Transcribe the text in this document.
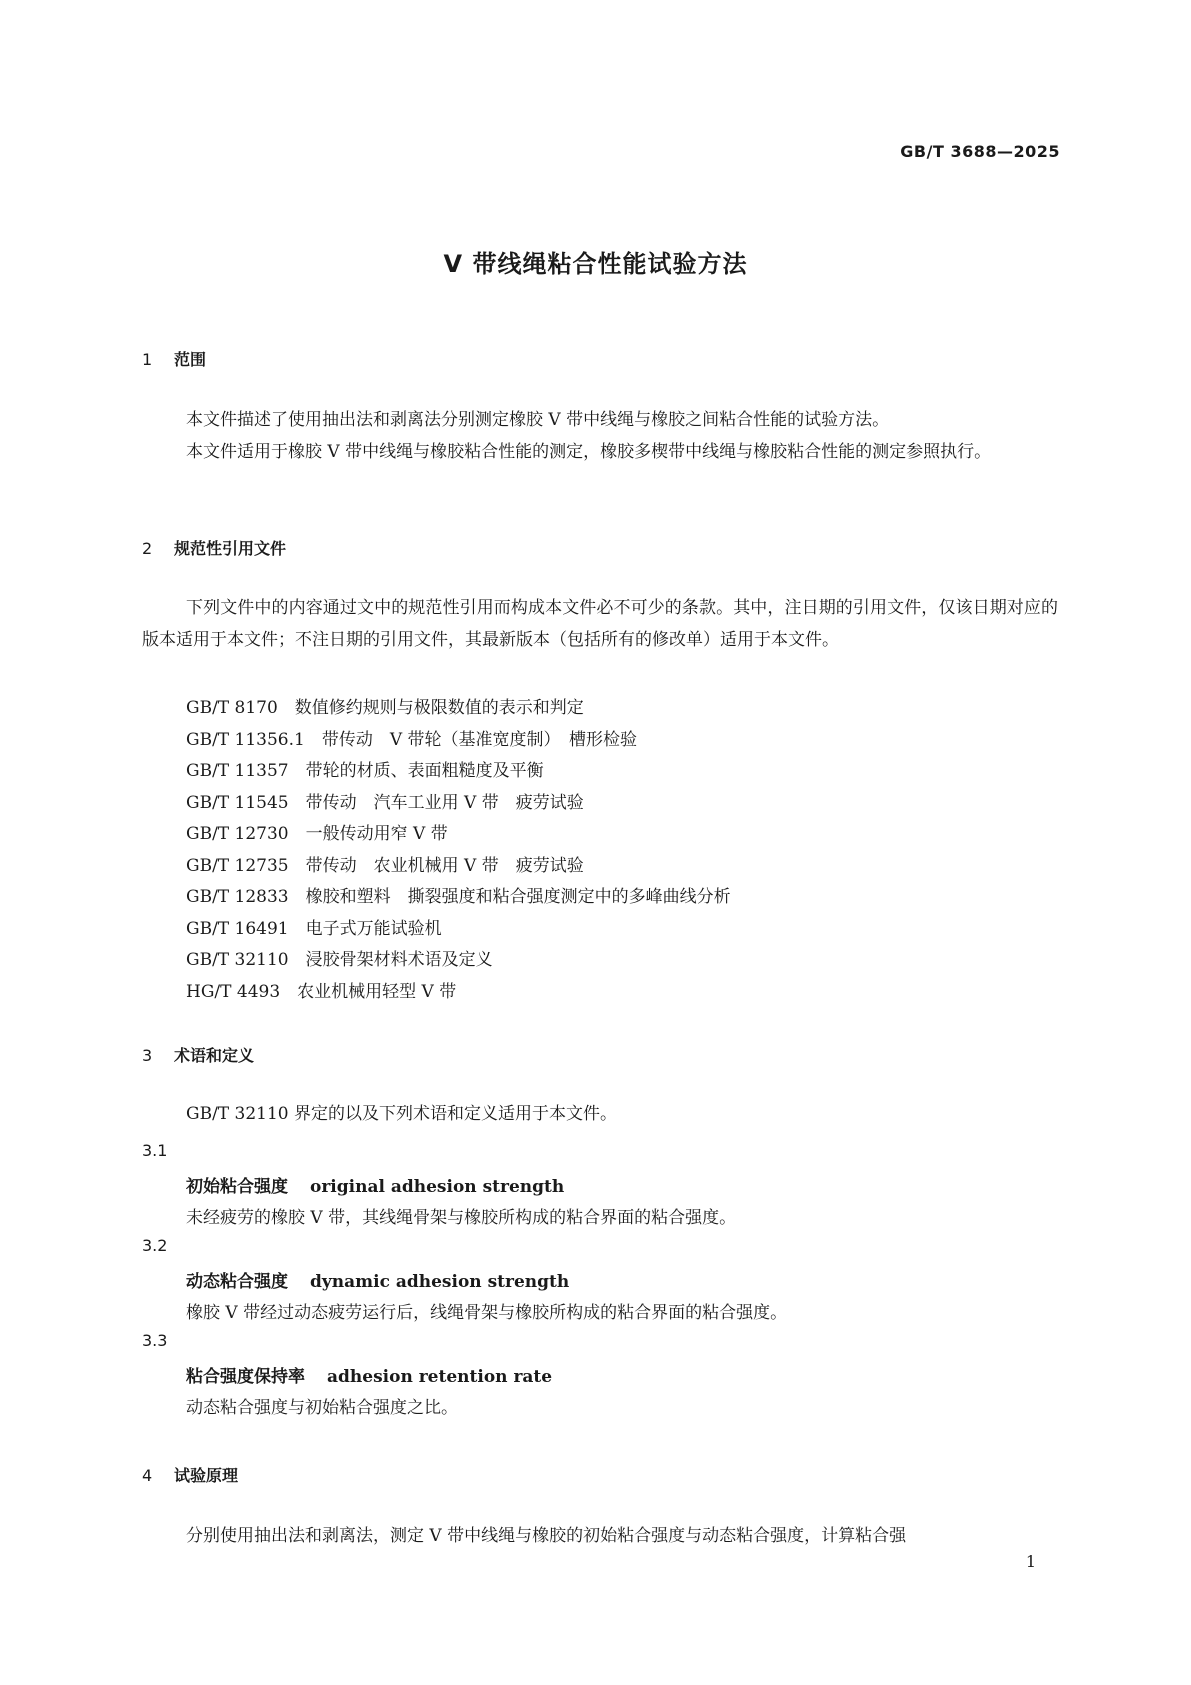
GB/T 3688—2025
V 带线绳粘合性能试验方法
1 范围
本文件描述了使用抽出法和剥离法分别测定橡胶 V 带中线绳与橡胶之间粘合性能的试验方法。
本文件适用于橡胶 V 带中线绳与橡胶粘合性能的测定，橡胶多楔带中线绳与橡胶粘合性能的测定参照执行。
2 规范性引用文件
下列文件中的内容通过文中的规范性引用而构成本文件必不可少的条款。其中，注日期的引用文件，仅该日期对应的版本适用于本文件；不注日期的引用文件，其最新版本（包括所有的修改单）适用于本文件。
GB/T 8170　数值修约规则与极限数值的表示和判定
GB/T 11356.1　带传动　V 带轮（基准宽度制）　槽形检验
GB/T 11357　带轮的材质、表面粗糙度及平衡
GB/T 11545　带传动　汽车工业用 V 带　疲劳试验
GB/T 12730　一般传动用窄 V 带
GB/T 12735　带传动　农业机械用 V 带　疲劳试验
GB/T 12833　橡胶和塑料　撕裂强度和粘合强度测定中的多峰曲线分析
GB/T 16491　电子式万能试验机
GB/T 32110　浸胶骨架材料术语及定义
HG/T 4493　农业机械用轻型 V 带
3 术语和定义
GB/T 32110 界定的以及下列术语和定义适用于本文件。
3.1
初始粘合强度 original adhesion strength
未经疲劳的橡胶 V 带，其线绳骨架与橡胶所构成的粘合界面的粘合强度。
3.2
动态粘合强度 dynamic adhesion strength
橡胶 V 带经过动态疲劳运行后，线绳骨架与橡胶所构成的粘合界面的粘合强度。
3.3
粘合强度保持率 adhesion retention rate
动态粘合强度与初始粘合强度之比。
4 试验原理
分别使用抽出法和剥离法，测定 V 带中线绳与橡胶的初始粘合强度与动态粘合强度，计算粘合强
1
